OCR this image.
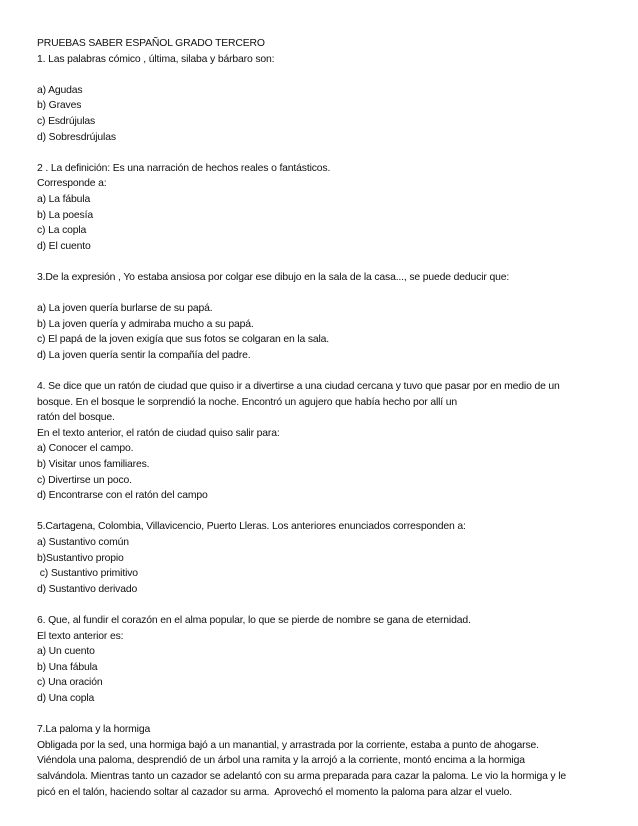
PRUEBAS SABER ESPAÑOL GRADO TERCERO

1. Las palabras cómico , última, silaba y bárbaro son:

a) Agudas

b) Graves

c) Esdrújulas

d) Sobresdrújulas

2 . La definición: Es una narración de hechos reales o fantásticos.

Corresponde a:

a) La fábula

b) La poesía

c) La copla

d) El cuento

3.De la expresión , Yo estaba ansiosa por colgar ese dibujo en la sala de la casa..., se puede deducir que:

a) La joven quería burlarse de su papá.

b) La joven quería y admiraba mucho a su papá.

c) El papá de la joven exigía que sus fotos se colgaran en la sala.

d) La joven quería sentir la compañía del padre.

4. Se dice que un ratón de ciudad que quiso ir a divertirse a una ciudad cercana y tuvo que pasar por en medio de un

bosque. En el bosque le sorprendió la noche. Encontró un agujero que había hecho por allí un

ratón del bosque.

En el texto anterior, el ratón de ciudad quiso salir para:

a) Conocer el campo.

b) Visitar unos familiares.

c) Divertirse un poco.

d) Encontrarse con el ratón del campo

5.Cartagena, Colombia, Villavicencio, Puerto Lleras. Los anteriores enunciados corresponden a:

a) Sustantivo común

b)Sustantivo propio

c) Sustantivo primitivo

d) Sustantivo derivado

6. Que, al fundir el corazón en el alma popular, lo que se pierde de nombre se gana de eternidad.

El texto anterior es:

a) Un cuento

b) Una fábula

c) Una oración

d) Una copla

7.La paloma y la hormiga

Obligada por la sed, una hormiga bajó a un manantial, y arrastrada por la corriente, estaba a punto de ahogarse.

Viéndola una paloma, desprendió de un árbol una ramita y la arrojó a la corriente, montó encima a la hormiga

salvándola. Mientras tanto un cazador se adelantó con su arma preparada para cazar la paloma. Le vio la hormiga y le

picó en el talón, haciendo soltar al cazador su arma.  Aprovechó el momento la paloma para alzar el vuelo.
